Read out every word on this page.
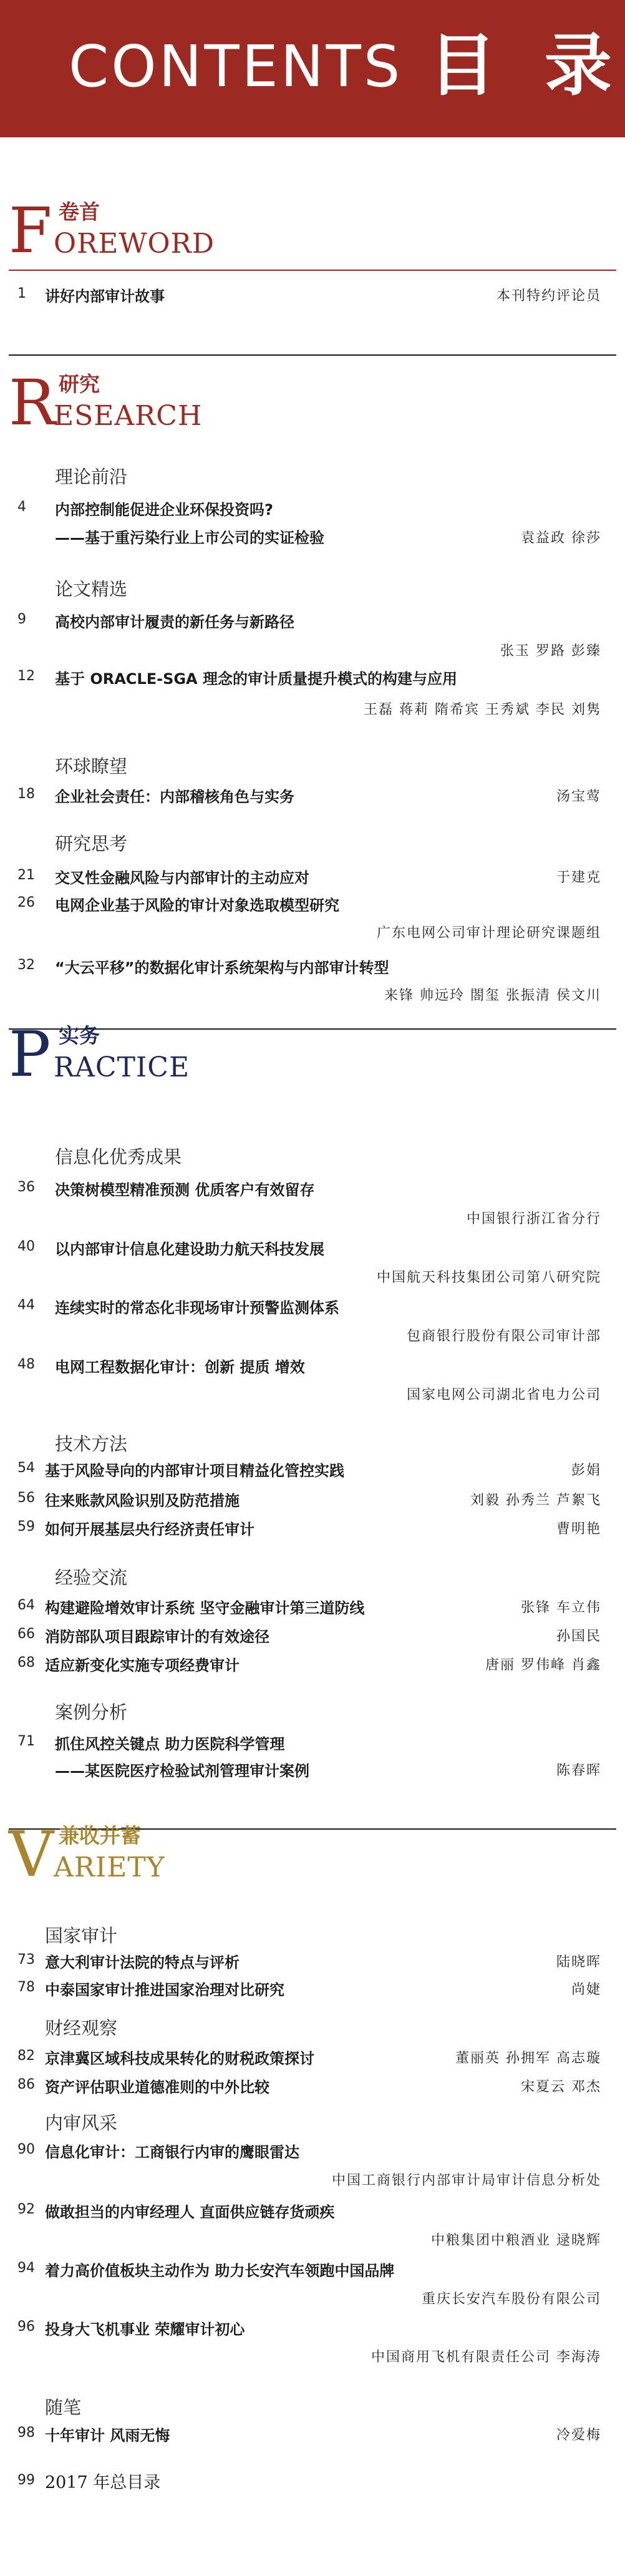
CONTENTS 目 录
F 卷首
OREWORD
1 讲好内部审计故事	本刊特约评论员
R 研究
ESEARCH
理论前沿
4 内部控制能促进企业环保投资吗?
——基于重污染行业上市公司的实证检验	袁益政 徐莎
论文精选
9 高校内部审计履责的新任务与新路径
张玉 罗路 彭臻
12 基于 ORACLE-SGA 理念的审计质量提升模式的构建与应用
王磊 蒋莉 隋希宾 王秀斌 李民 刘隽
环球瞭望
18 企业社会责任：内部稽核角色与实务	汤宝莺
研究思考
21 交叉性金融风险与内部审计的主动应对	于建克
26 电网企业基于风险的审计对象选取模型研究
广东电网公司审计理论研究课题组
32 “大云平移”的数据化审计系统架构与内部审计转型
来锋 帅远玲 閤玺 张振清 侯文川
P 实务
RACTICE
信息化优秀成果
36 决策树模型精准预测 优质客户有效留存
中国银行浙江省分行
40 以内部审计信息化建设助力航天科技发展
中国航天科技集团公司第八研究院
44 连续实时的常态化非现场审计预警监测体系
包商银行股份有限公司审计部
48 电网工程数据化审计：创新 提质 增效
国家电网公司湖北省电力公司
技术方法
54 基于风险导向的内部审计项目精益化管控实践	彭娟
56 往来账款风险识别及防范措施	刘毅 孙秀兰 芦絮飞
59 如何开展基层央行经济责任审计	曹明艳
经验交流
64 构建避险增效审计系统 坚守金融审计第三道防线	张锋 车立伟
66 消防部队项目跟踪审计的有效途径	孙国民
68 适应新变化实施专项经费审计	唐丽 罗伟峰 肖鑫
案例分析
71 抓住风控关键点 助力医院科学管理
——某医院医疗检验试剂管理审计案例	陈春晖
V 兼收并蓄
ARIETY
国家审计
73 意大利审计法院的特点与评析	陆晓晖
78 中泰国家审计推进国家治理对比研究	尚婕
财经观察
82 京津冀区域科技成果转化的财税政策探讨	董丽英 孙拥军 高志璇
86 资产评估职业道德准则的中外比较	宋夏云 邓杰
内审风采
90 信息化审计：工商银行内审的鹰眼雷达
中国工商银行内部审计局审计信息分析处
92 做敢担当的内审经理人 直面供应链存货顽疾
中粮集团中粮酒业 逯晓辉
94 着力高价值板块主动作为 助力长安汽车领跑中国品牌
重庆长安汽车股份有限公司
96 投身大飞机事业 荣耀审计初心
中国商用飞机有限责任公司 李海涛
随笔
98 十年审计 风雨无悔	冷爱梅
99 2017 年总目录
